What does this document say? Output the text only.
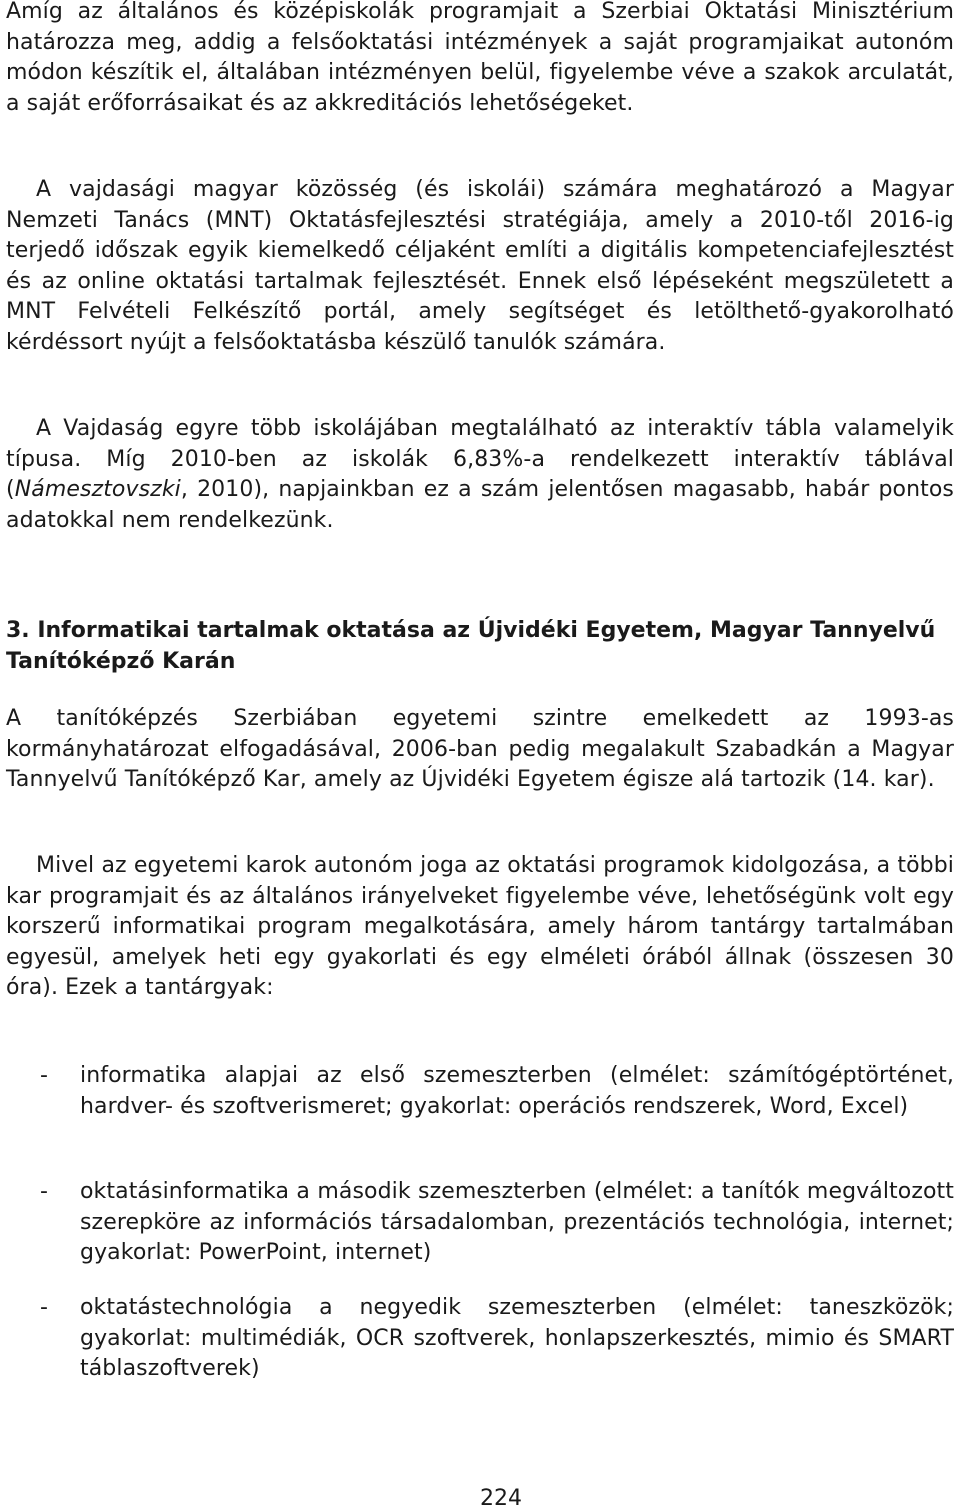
Amíg az általános és középiskolák programjait a Szerbiai Oktatási Minisztérium határozza meg, addig a felsőoktatási intézmények a saját programjaikat autonóm módon készítik el, általában intézményen belül, figyelembe véve a szakok arculatát, a saját erőforrásaikat és az akkreditációs lehetőségeket.

A vajdasági magyar közösség (és iskolái) számára meghatározó a Magyar Nemzeti Tanács (MNT) Oktatásfejlesztési stratégiája, amely a 2010-től 2016-ig terjedő időszak egyik kiemelkedő céljaként említi a digitális kompetenciafejlesztést és az online oktatási tartalmak fejlesztését. Ennek első lépéseként megszületett a MNT Felvételi Felkészítő portál, amely segítséget és letölthető-gyakorolható kérdéssort nyújt a felsőoktatásba készülő tanulók számára.

A Vajdaság egyre több iskolájában megtalálható az interaktív tábla valamelyik típusa. Míg 2010-ben az iskolák 6,83%-a rendelkezett interaktív táblával (Námesztovszki, 2010), napjainkban ez a szám jelentősen magasabb, habár pontos adatokkal nem rendelkezünk.

3. Informatikai tartalmak oktatása az Újvidéki Egyetem, Magyar Tannyelvű Tanítóképző Karán

A tanítóképzés Szerbiában egyetemi szintre emelkedett az 1993-as kormányhatározat elfogadásával, 2006-ban pedig megalakult Szabadkán a Magyar Tannyelvű Tanítóképző Kar, amely az Újvidéki Egyetem égisze alá tartozik (14. kar).

Mivel az egyetemi karok autonóm joga az oktatási programok kidolgozása, a többi kar programjait és az általános irányelveket figyelembe véve, lehetőségünk volt egy korszerű informatikai program megalkotására, amely három tantárgy tartalmában egyesül, amelyek heti egy gyakorlati és egy elméleti órából állnak (összesen 30 óra). Ezek a tantárgyak:

- informatika alapjai az első szemeszterben (elmélet: számítógéptörténet, hardver- és szoftverismeret; gyakorlat: operációs rendszerek, Word, Excel)

- oktatásinformatika a második szemeszterben (elmélet: a tanítók megváltozott szerepköre az információs társadalomban, prezentációs technológia, internet; gyakorlat: PowerPoint, internet)

- oktatástechnológia a negyedik szemeszterben (elmélet: taneszközök; gyakorlat: multimédiák, OCR szoftverek, honlapszerkesztés, mimio és SMART táblaszoftverek)

224
